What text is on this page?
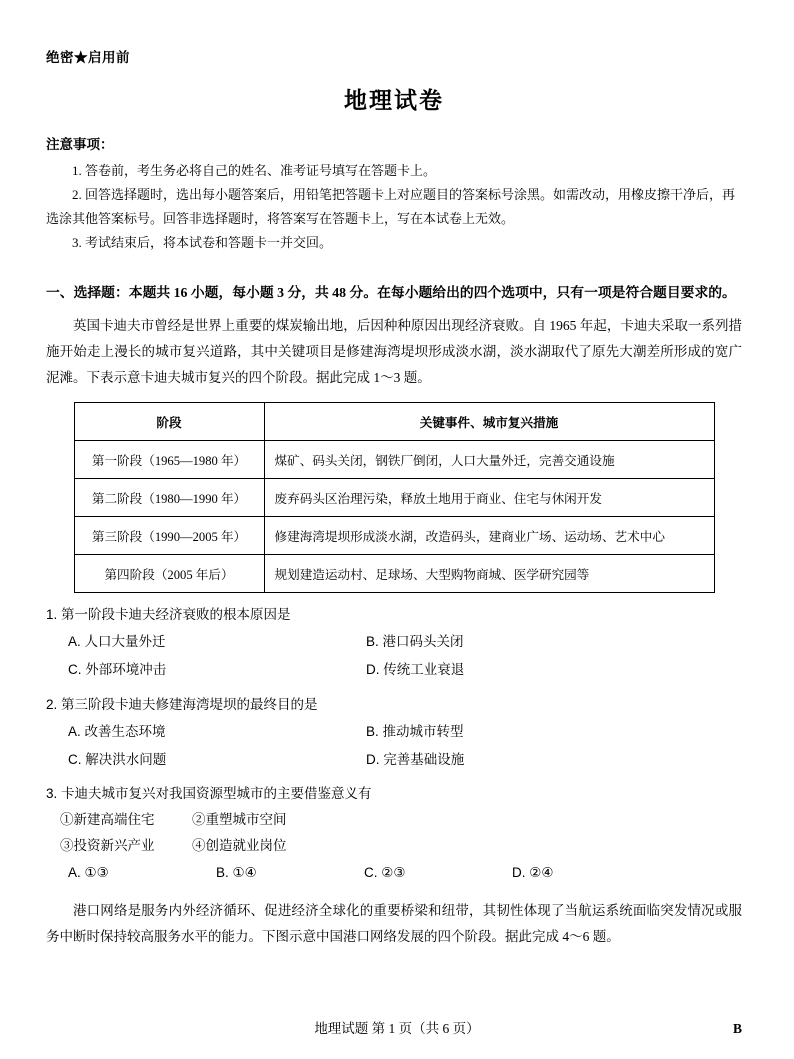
绝密★启用前
地理试卷
注意事项：

1. 答卷前，考生务必将自己的姓名、准考证号填写在答题卡上。

2. 回答选择题时，选出每小题答案后，用铅笔把答题卡上对应题目的答案标号涂黑。如需改动，用橡皮擦干净后，再选涂其他答案标号。回答非选择题时，将答案写在答题卡上，写在本试卷上无效。

3. 考试结束后，将本试卷和答题卡一并交回。

一、选择题：本题共 16 小题，每小题 3 分，共 48 分。在每小题给出的四个选项中，只有一项是符合题目要求的。

英国卡迪夫市曾经是世界上重要的煤炭输出地，后因种种原因出现经济衰败。自 1965 年起，卡迪夫采取一系列措施开始走上漫长的城市复兴道路，其中关键项目是修建海湾堤坝形成淡水湖，淡水湖取代了原先大潮差所形成的宽广泥滩。下表示意卡迪夫城市复兴的四个阶段。据此完成 1～3 题。

阶段	关键事件、城市复兴措施
第一阶段（1965—1980 年）	煤矿、码头关闭，钢铁厂倒闭，人口大量外迁，完善交通设施
第二阶段（1980—1990 年）	废弃码头区治理污染，释放土地用于商业、住宅与休闲开发
第三阶段（1990—2005 年）	修建海湾堤坝形成淡水湖，改造码头，建商业广场、运动场、艺术中心
第四阶段（2005 年后）	规划建造运动村、足球场、大型购物商城、医学研究园等

1. 第一阶段卡迪夫经济衰败的根本原因是

A. 人口大量外迁	B. 港口码头关闭
C. 外部环境冲击	D. 传统工业衰退

2. 第三阶段卡迪夫修建海湾堤坝的最终目的是

A. 改善生态环境	B. 推动城市转型
C. 解决洪水问题	D. 完善基础设施

3. 卡迪夫城市复兴对我国资源型城市的主要借鉴意义有

①新建高端住宅	②重塑城市空间
③投资新兴产业	④创造就业岗位
A. ①③	B. ①④	C. ②③	D. ②④

港口网络是服务内外经济循环、促进经济全球化的重要桥梁和纽带，其韧性体现了当航运系统面临突发情况或服务中断时保持较高服务水平的能力。下图示意中国港口网络发展的四个阶段。据此完成 4～6 题。

地理试题 第 1 页（共 6 页）	B
